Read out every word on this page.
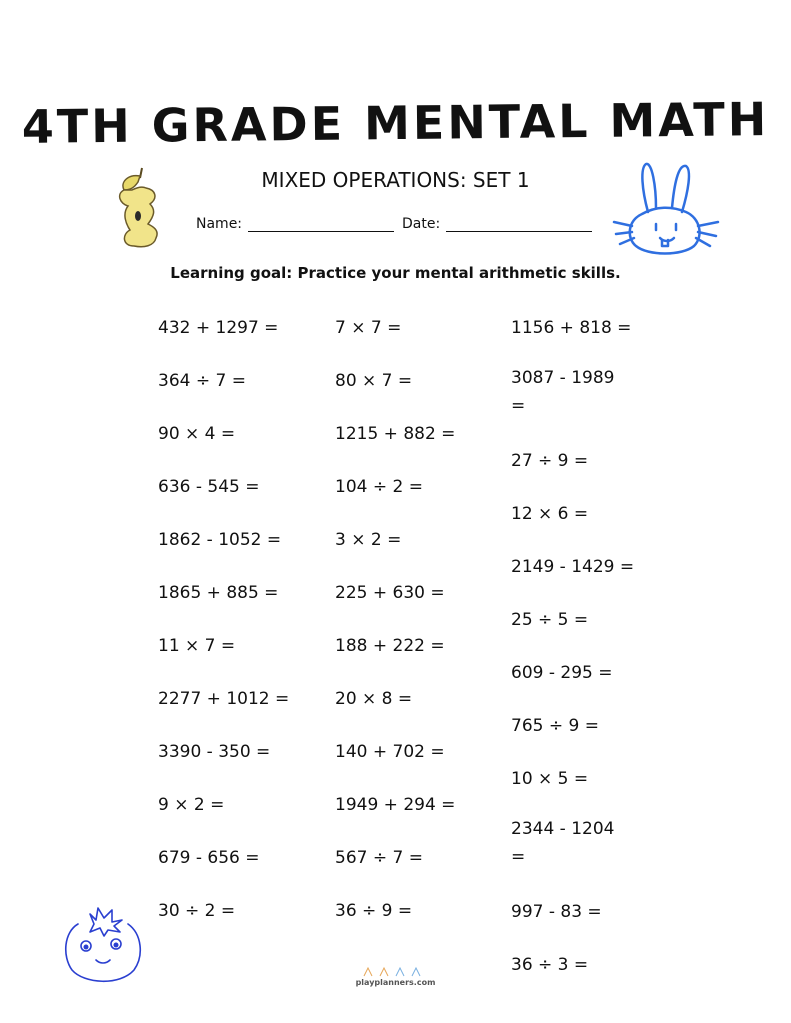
4TH GRADE MENTAL MATH
MIXED OPERATIONS: SET 1
Name:	Date:
Learning goal: Practice your mental arithmetic skills.
432 + 1297 =
364 ÷ 7 =
90 × 4 =
636 - 545 =
1862 - 1052 =
1865 + 885 =
11 × 7 =
2277 + 1012 =
3390 - 350 =
9 × 2 =
679 - 656 =
30 ÷ 2 =
7 × 7 =
80 × 7 =
1215 + 882 =
104 ÷ 2 =
3 × 2 =
225 + 630 =
188 + 222 =
20 × 8 =
140 + 702 =
1949 + 294 =
567 ÷ 7 =
36 ÷ 9 =
1156 + 818 =
3087 - 1989 =
27 ÷ 9 =
12 × 6 =
2149 - 1429 =
25 ÷ 5 =
609 - 295 =
765 ÷ 9 =
10 × 5 =
2344 - 1204 =
997 - 83 =
36 ÷ 3 =
playplanners.com
